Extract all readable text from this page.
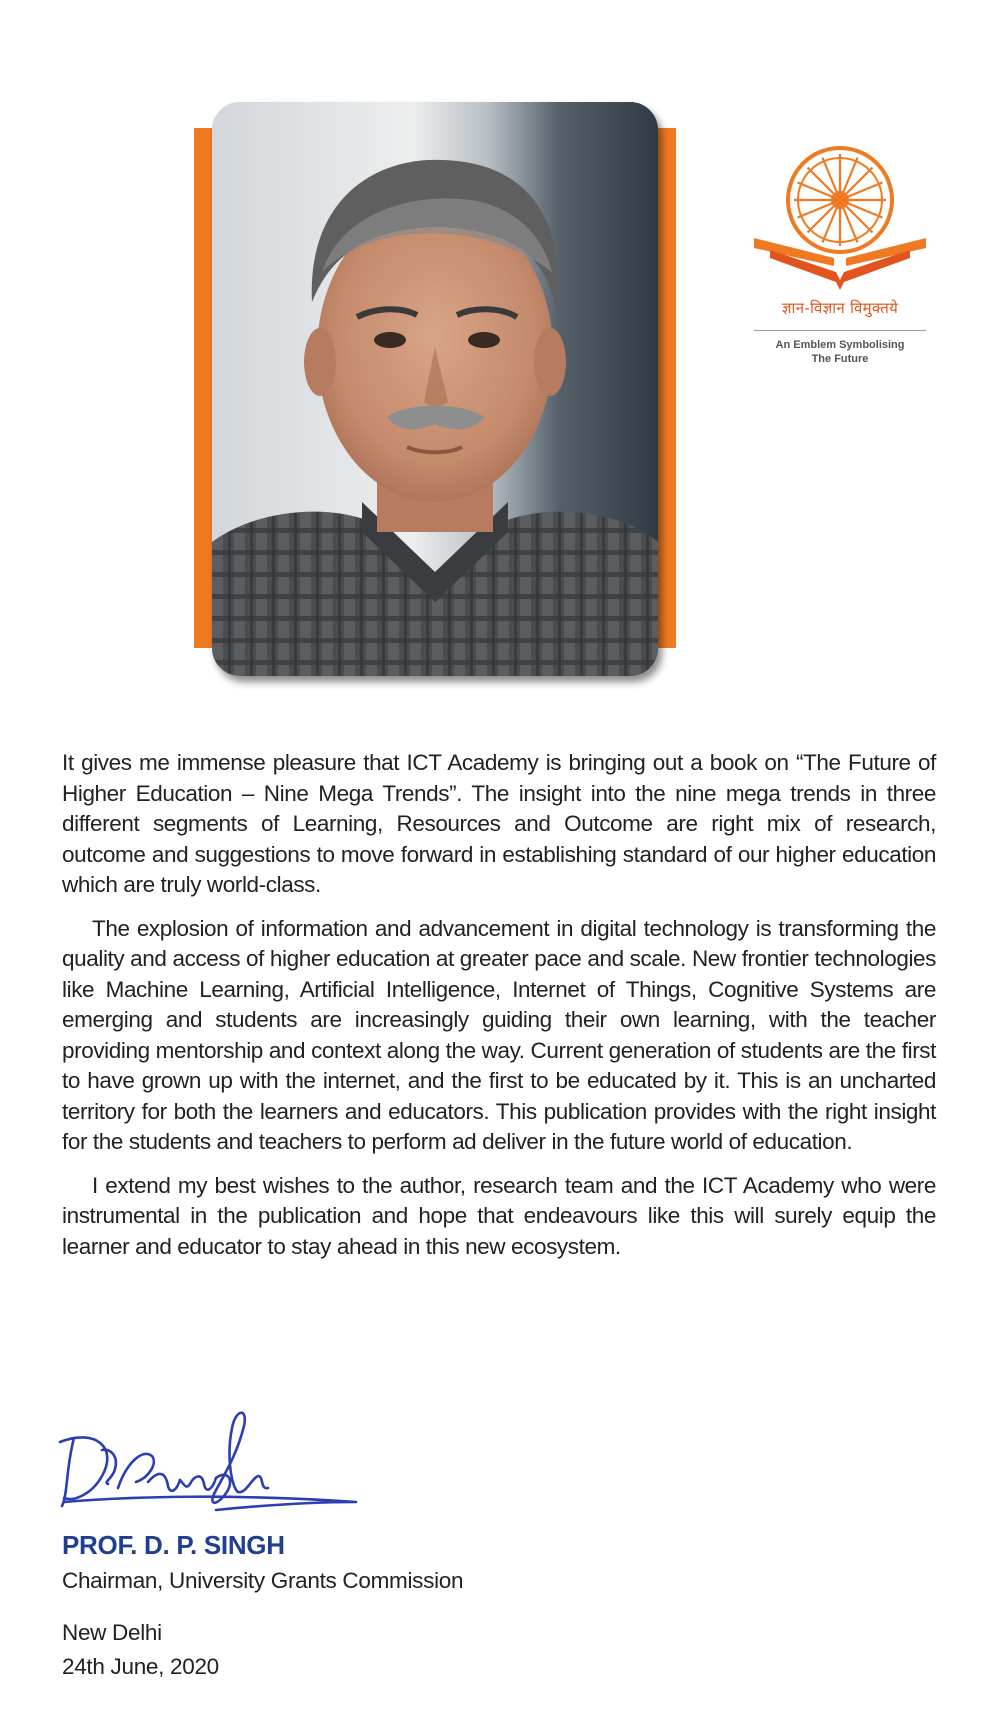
ज्ञान-विज्ञान विमुक्तये
An Emblem Symbolising
The Future

It gives me immense pleasure that ICT Academy is bringing out a book on “The Future of Higher Education – Nine Mega Trends”. The insight into the nine mega trends in three different segments of Learning, Resources and Outcome are right mix of research, outcome and suggestions to move forward in establishing standard of our higher education which are truly world-class.

The explosion of information and advancement in digital technology is transforming the quality and access of higher education at greater pace and scale. New frontier technologies like Machine Learning, Artificial Intelligence, Internet of Things, Cognitive Systems are emerging and students are increasingly guiding their own learning, with the teacher providing mentorship and context along the way. Current generation of students are the first to have grown up with the internet, and the first to be educated by it. This is an uncharted territory for both the learners and educators. This publication provides with the right insight for the students and teachers to perform ad deliver in the future world of education.

I extend my best wishes to the author, research team and the ICT Academy who were instrumental in the publication and hope that endeavours like this will surely equip the learner and educator to stay ahead in this new ecosystem.

PROF. D. P. SINGH
Chairman, University Grants Commission
New Delhi
24th June, 2020
